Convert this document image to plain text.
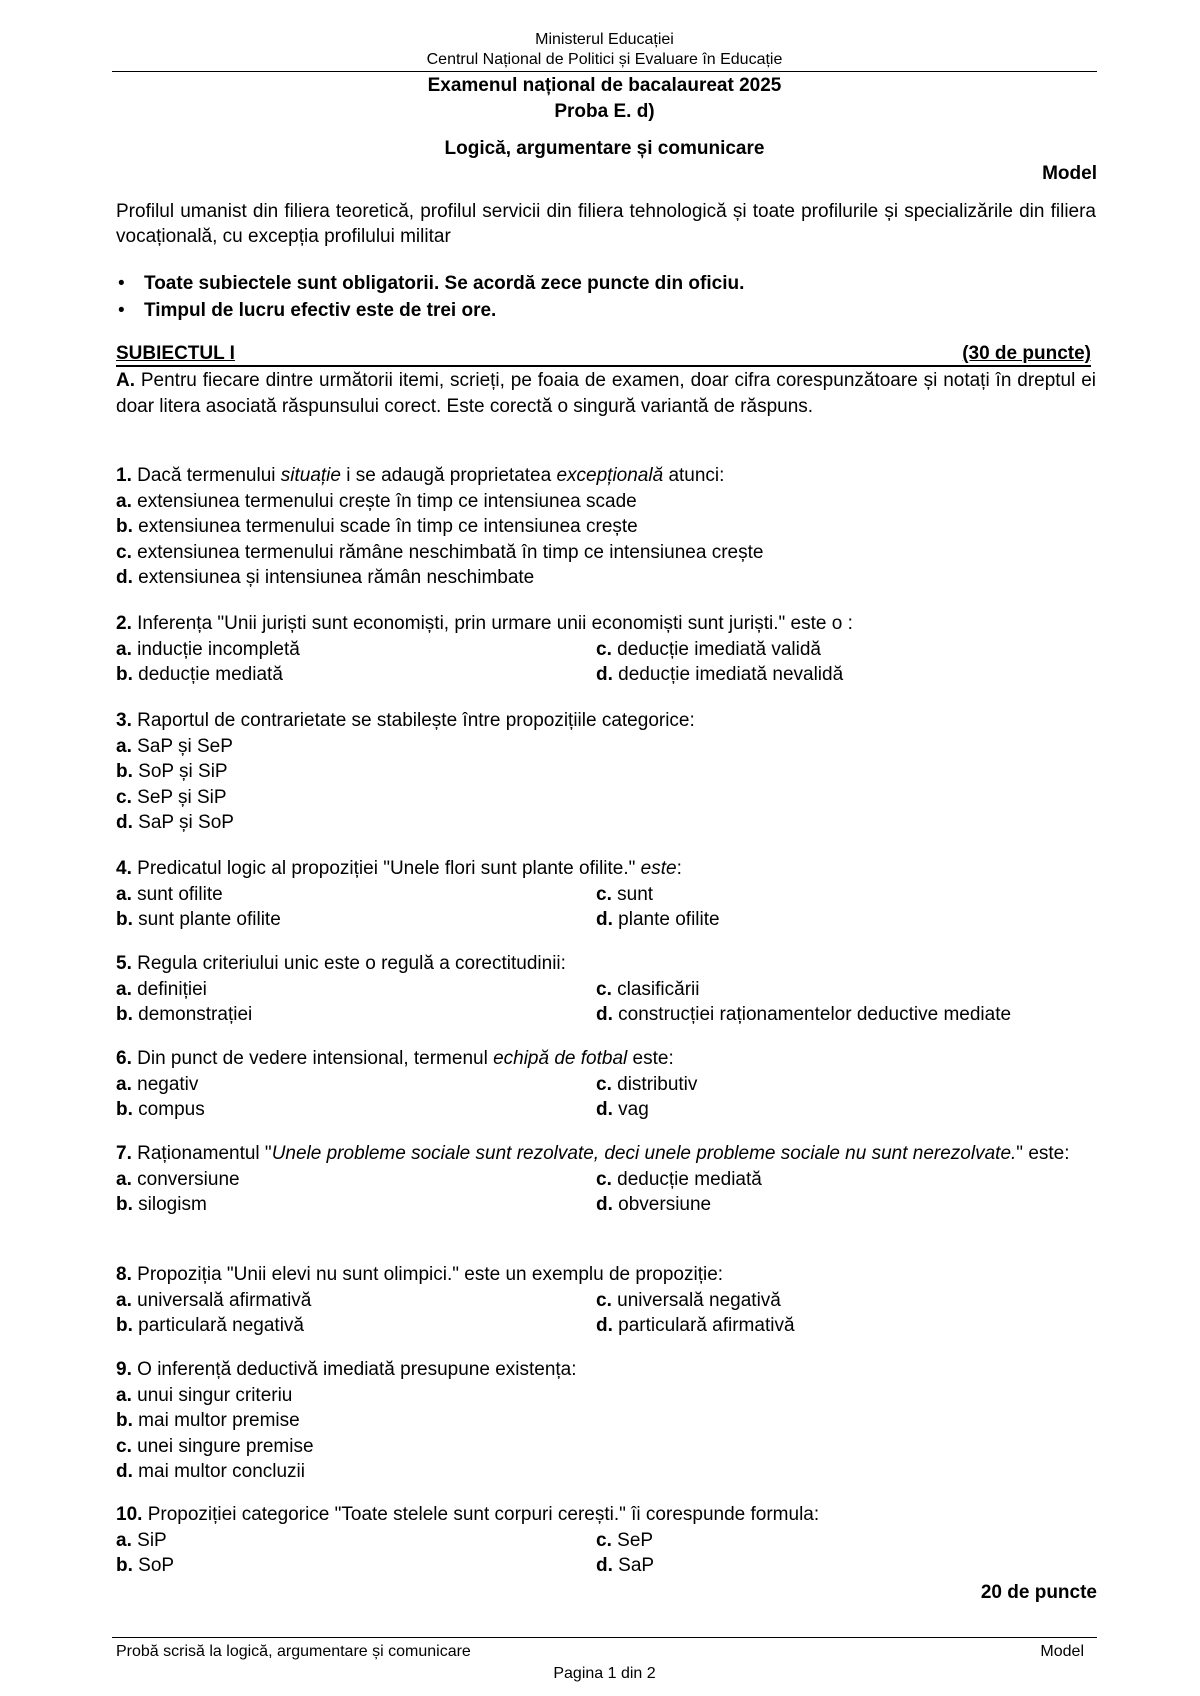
Ministerul Educației
Centrul Național de Politici și Evaluare în Educație
Examenul național de bacalaureat 2025
Proba E. d)
Logică, argumentare și comunicare
Model
Profilul umanist din filiera teoretică, profilul servicii din filiera tehnologică și toate profilurile și specializările din filiera vocațională, cu excepția profilului militar
• Toate subiectele sunt obligatorii. Se acordă zece puncte din oficiu.
• Timpul de lucru efectiv este de trei ore.
SUBIECTUL I	(30 de puncte)
A. Pentru fiecare dintre următorii itemi, scrieți, pe foaia de examen, doar cifra corespunzătoare și notați în dreptul ei doar litera asociată răspunsului corect. Este corectă o singură variantă de răspuns.
1. Dacă termenului situație i se adaugă proprietatea excepțională atunci:
a. extensiunea termenului crește în timp ce intensiunea scade
b. extensiunea termenului scade în timp ce intensiunea crește
c. extensiunea termenului rămâne neschimbată în timp ce intensiunea crește
d. extensiunea și intensiunea rămân neschimbate
2. Inferența "Unii juriști sunt economiști, prin urmare unii economiști sunt juriști." este o :
a. inducție incompletă	c. deducție imediată validă
b. deducție mediată	d. deducție imediată nevalidă
3. Raportul de contrarietate se stabilește între propozițiile categorice:
a. SaP și SeP
b. SoP și SiP
c. SeP și SiP
d. SaP și SoP
4. Predicatul logic al propoziției "Unele flori sunt plante ofilite." este:
a. sunt ofilite	c. sunt
b. sunt plante ofilite	d. plante ofilite
5. Regula criteriului unic este o regulă a corectitudinii:
a. definiției	c. clasificării
b. demonstrației	d. construcției raționamentelor deductive mediate
6. Din punct de vedere intensional, termenul echipă de fotbal este:
a. negativ	c. distributiv
b. compus	d. vag
7. Raționamentul "Unele probleme sociale sunt rezolvate, deci unele probleme sociale nu sunt nerezolvate." este:
a. conversiune	c. deducție mediată
b. silogism	d. obversiune
8. Propoziția "Unii elevi nu sunt olimpici." este un exemplu de propoziție:
a. universală afirmativă	c. universală negativă
b. particulară negativă	d. particulară afirmativă
9. O inferență deductivă imediată presupune existența:
a. unui singur criteriu
b. mai multor premise
c. unei singure premise
d. mai multor concluzii
10. Propoziției categorice "Toate stelele sunt corpuri cerești." îi corespunde formula:
a. SiP	c. SeP
b. SoP	d. SaP
20 de puncte
Probă scrisă la logică, argumentare și comunicare	Model
Pagina 1 din 2
